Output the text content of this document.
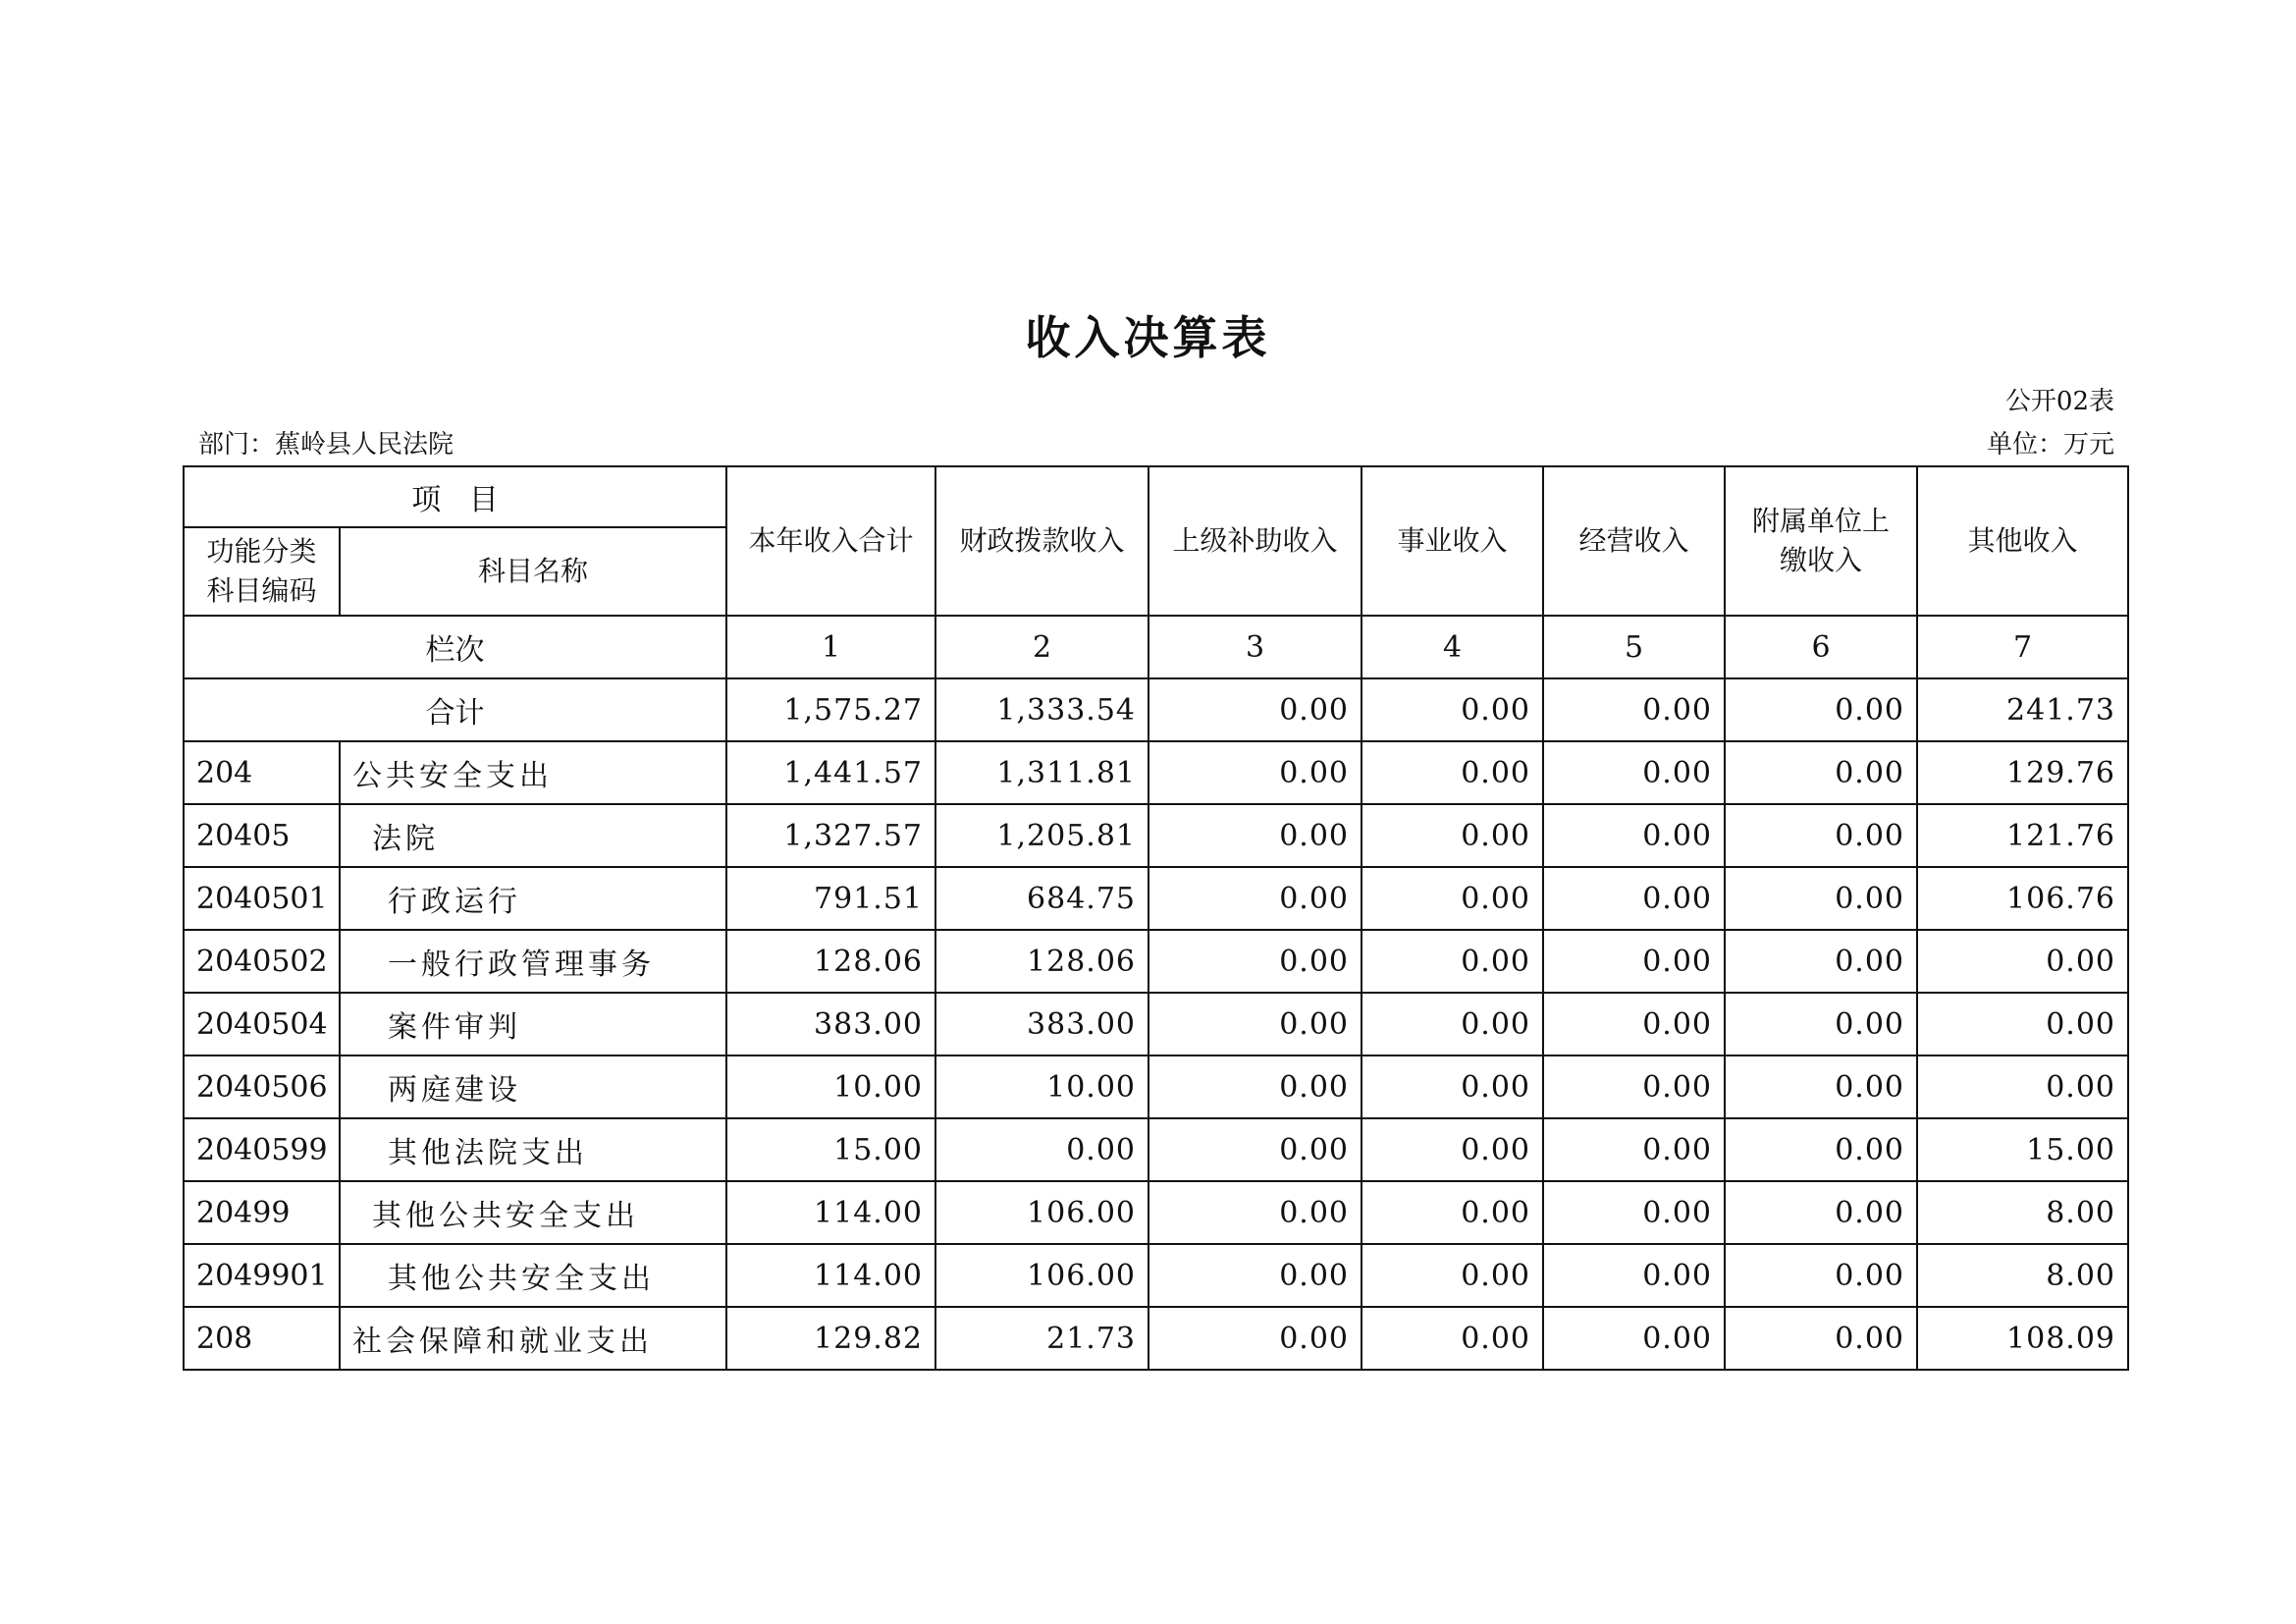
收入决算表
公开02表
部门：蕉岭县人民法院	单位：万元
项   目		本年收入合计	财政拨款收入	上级补助收入	事业收入	经营收入	附属单位上缴收入	其他收入
功能分类科目编码	科目名称							
栏次		1	2	3	4	5	6	7
合计		1,575.27	1,333.54	0.00	0.00	0.00	0.00	241.73
204	公共安全支出	1,441.57	1,311.81	0.00	0.00	0.00	0.00	129.76
20405	法院	1,327.57	1,205.81	0.00	0.00	0.00	0.00	121.76
2040501	行政运行	791.51	684.75	0.00	0.00	0.00	0.00	106.76
2040502	一般行政管理事务	128.06	128.06	0.00	0.00	0.00	0.00	0.00
2040504	案件审判	383.00	383.00	0.00	0.00	0.00	0.00	0.00
2040506	两庭建设	10.00	10.00	0.00	0.00	0.00	0.00	0.00
2040599	其他法院支出	15.00	0.00	0.00	0.00	0.00	0.00	15.00
20499	其他公共安全支出	114.00	106.00	0.00	0.00	0.00	0.00	8.00
2049901	其他公共安全支出	114.00	106.00	0.00	0.00	0.00	0.00	8.00
208	社会保障和就业支出	129.82	21.73	0.00	0.00	0.00	0.00	108.09
